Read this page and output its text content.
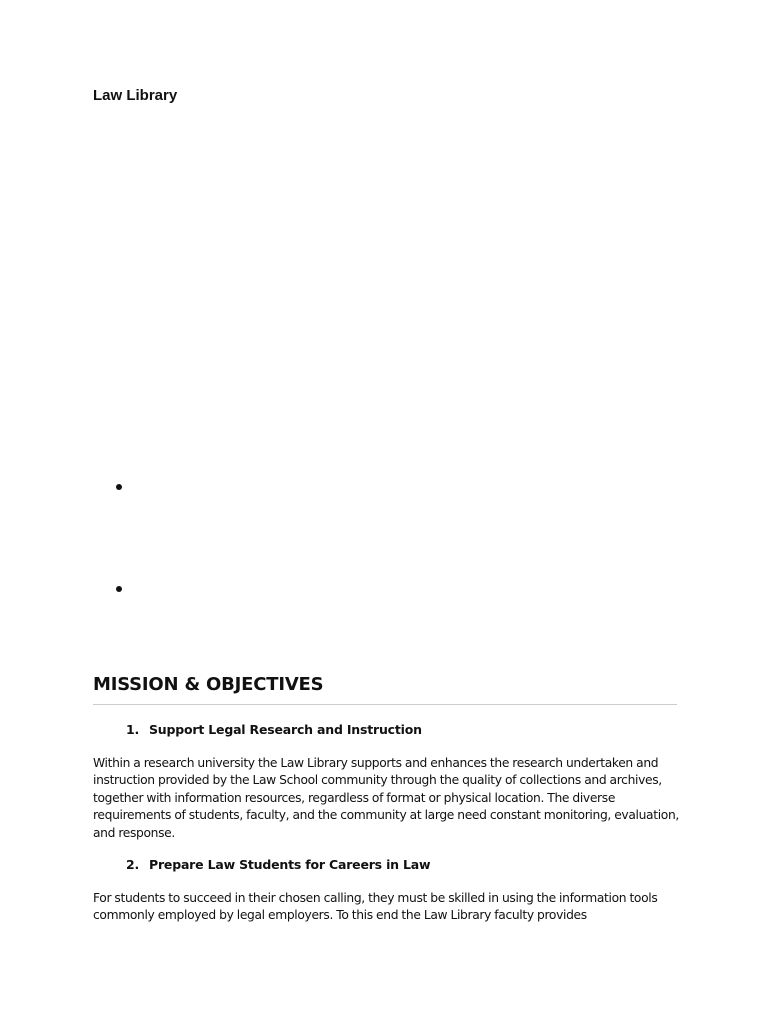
Law Library
MISSION & OBJECTIVES
1. Support Legal Research and Instruction

Within a research university the Law Library supports and enhances the research undertaken and instruction provided by the Law School community through the quality of collections and archives, together with information resources, regardless of format or physical location. The diverse requirements of students, faculty, and the community at large need constant monitoring, evaluation, and response.

2. Prepare Law Students for Careers in Law

For students to succeed in their chosen calling, they must be skilled in using the information tools commonly employed by legal employers. To this end the Law Library faculty provides
